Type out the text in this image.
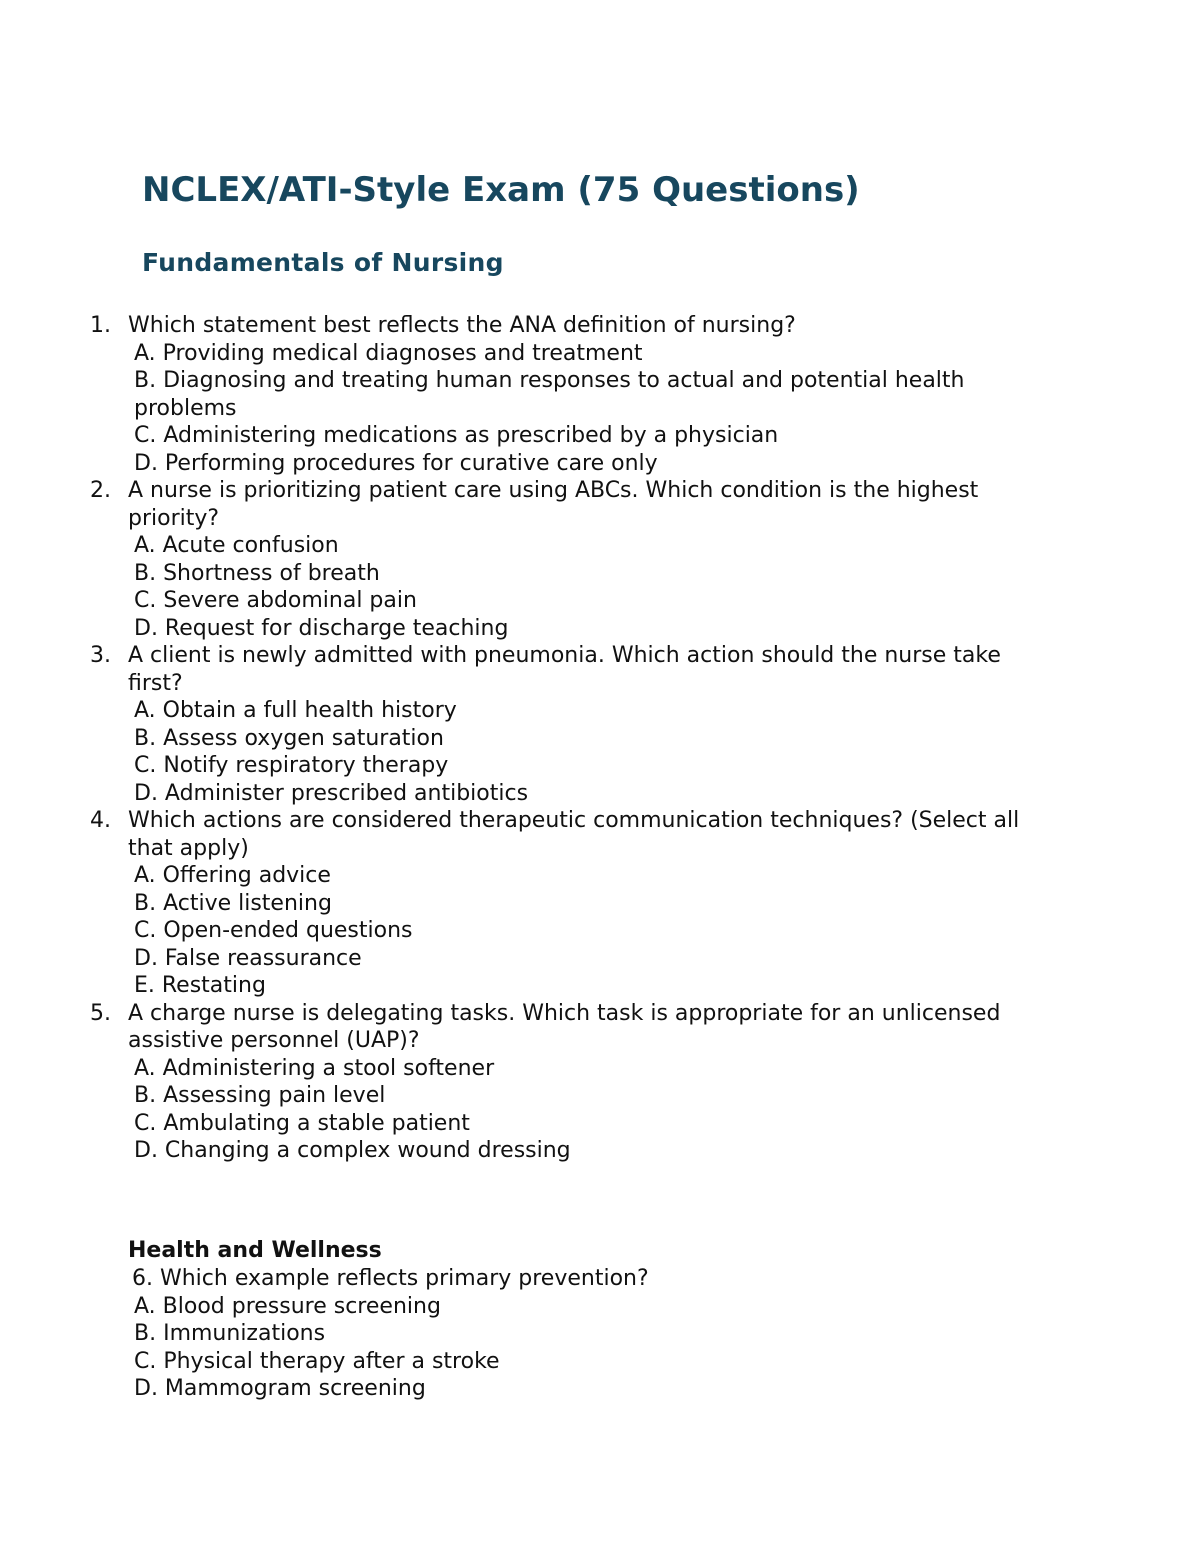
NCLEX/ATI-Style Exam (75 Questions)
Fundamentals of Nursing
1. Which statement best reflects the ANA definition of nursing?
A. Providing medical diagnoses and treatment
B. Diagnosing and treating human responses to actual and potential health problems
C. Administering medications as prescribed by a physician
D. Performing procedures for curative care only
2. A nurse is prioritizing patient care using ABCs. Which condition is the highest priority?
A. Acute confusion
B. Shortness of breath
C. Severe abdominal pain
D. Request for discharge teaching
3. A client is newly admitted with pneumonia. Which action should the nurse take first?
A. Obtain a full health history
B. Assess oxygen saturation
C. Notify respiratory therapy
D. Administer prescribed antibiotics
4. Which actions are considered therapeutic communication techniques? (Select all that apply)
A. Offering advice
B. Active listening
C. Open-ended questions
D. False reassurance
E. Restating
5. A charge nurse is delegating tasks. Which task is appropriate for an unlicensed assistive personnel (UAP)?
A. Administering a stool softener
B. Assessing pain level
C. Ambulating a stable patient
D. Changing a complex wound dressing
Health and Wellness
6. Which example reflects primary prevention?
A. Blood pressure screening
B. Immunizations
C. Physical therapy after a stroke
D. Mammogram screening
